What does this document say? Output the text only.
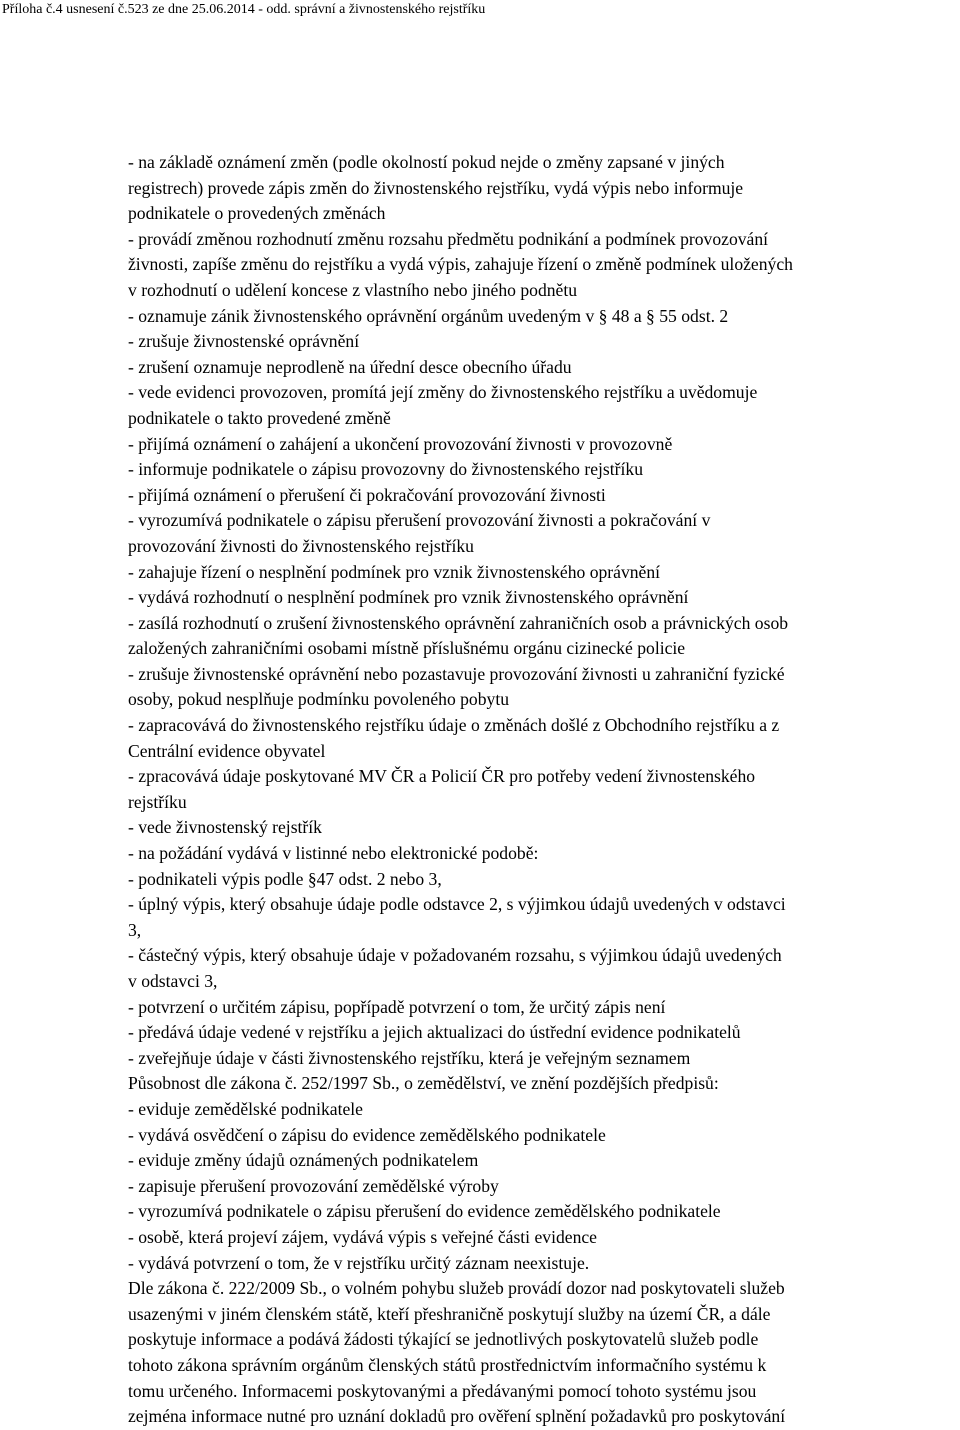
Příloha č.4 usnesení č.523 ze dne 25.06.2014 - odd. správní a živnostenského rejstříku
- na základě oznámení změn (podle okolností pokud nejde o změny zapsané v jiných
registrech) provede zápis změn do živnostenského rejstříku, vydá výpis nebo informuje
podnikatele o provedených změnách
- provádí změnou rozhodnutí změnu rozsahu předmětu podnikání a podmínek provozování
živnosti, zapíše změnu do rejstříku a vydá výpis, zahajuje řízení o změně podmínek uložených
v rozhodnutí o udělení koncese z vlastního nebo jiného podnětu
- oznamuje zánik živnostenského oprávnění orgánům uvedeným v § 48 a § 55 odst. 2
- zrušuje živnostenské oprávnění
- zrušení oznamuje neprodleně na úřední desce obecního úřadu
- vede evidenci provozoven, promítá její změny do živnostenského rejstříku a uvědomuje
podnikatele o takto provedené změně
- přijímá oznámení o zahájení a ukončení provozování živnosti v provozovně
- informuje podnikatele o zápisu provozovny do živnostenského rejstříku
- přijímá oznámení o přerušení či pokračování provozování živnosti
- vyrozumívá podnikatele o zápisu přerušení provozování živnosti a pokračování v
provozování živnosti do živnostenského rejstříku
- zahajuje řízení o nesplnění podmínek pro vznik živnostenského oprávnění
- vydává rozhodnutí o nesplnění podmínek pro vznik živnostenského oprávnění
- zasílá rozhodnutí o zrušení živnostenského oprávnění zahraničních osob a právnických osob
založených zahraničními osobami místně příslušnému orgánu cizinecké policie
- zrušuje živnostenské oprávnění nebo pozastavuje provozování živnosti u zahraniční fyzické
osoby, pokud nesplňuje podmínku povoleného pobytu
- zapracovává do živnostenského rejstříku údaje o změnách došlé z Obchodního rejstříku a z
Centrální evidence obyvatel
- zpracovává údaje poskytované MV ČR a Policií ČR pro potřeby vedení živnostenského
rejstříku
- vede živnostenský rejstřík
- na požádání vydává v listinné nebo elektronické podobě:
- podnikateli výpis podle §47 odst. 2 nebo 3,
- úplný výpis, který obsahuje údaje podle odstavce 2, s výjimkou údajů uvedených v odstavci
3,
- částečný výpis, který obsahuje údaje v požadovaném rozsahu, s výjimkou údajů uvedených
v odstavci 3,
- potvrzení o určitém zápisu, popřípadě potvrzení o tom, že určitý zápis není
- předává údaje vedené v rejstříku a jejich aktualizaci do ústřední evidence podnikatelů
- zveřejňuje údaje v části živnostenského rejstříku, která je veřejným seznamem
Působnost dle zákona č. 252/1997 Sb., o zemědělství, ve znění pozdějších předpisů:
- eviduje zemědělské podnikatele
- vydává osvědčení o zápisu do evidence zemědělského podnikatele
- eviduje změny údajů oznámených podnikatelem
- zapisuje přerušení provozování zemědělské výroby
- vyrozumívá podnikatele o zápisu přerušení do evidence zemědělského podnikatele
- osobě, která projeví zájem, vydává výpis s veřejné části evidence
- vydává potvrzení o tom, že v rejstříku určitý záznam neexistuje.
Dle zákona č. 222/2009 Sb., o volném pohybu služeb provádí dozor nad poskytovateli služeb
usazenými v jiném členském státě, kteří přeshraničně poskytují služby na území ČR, a dále
poskytuje informace a podává žádosti týkající se jednotlivých poskytovatelů služeb podle
tohoto zákona správním orgánům členských států prostřednictvím informačního systému k
tomu určeného. Informacemi poskytovanými a předávanými pomocí tohoto systému jsou
zejména informace nutné pro uznání dokladů pro ověření splnění požadavků pro poskytování
